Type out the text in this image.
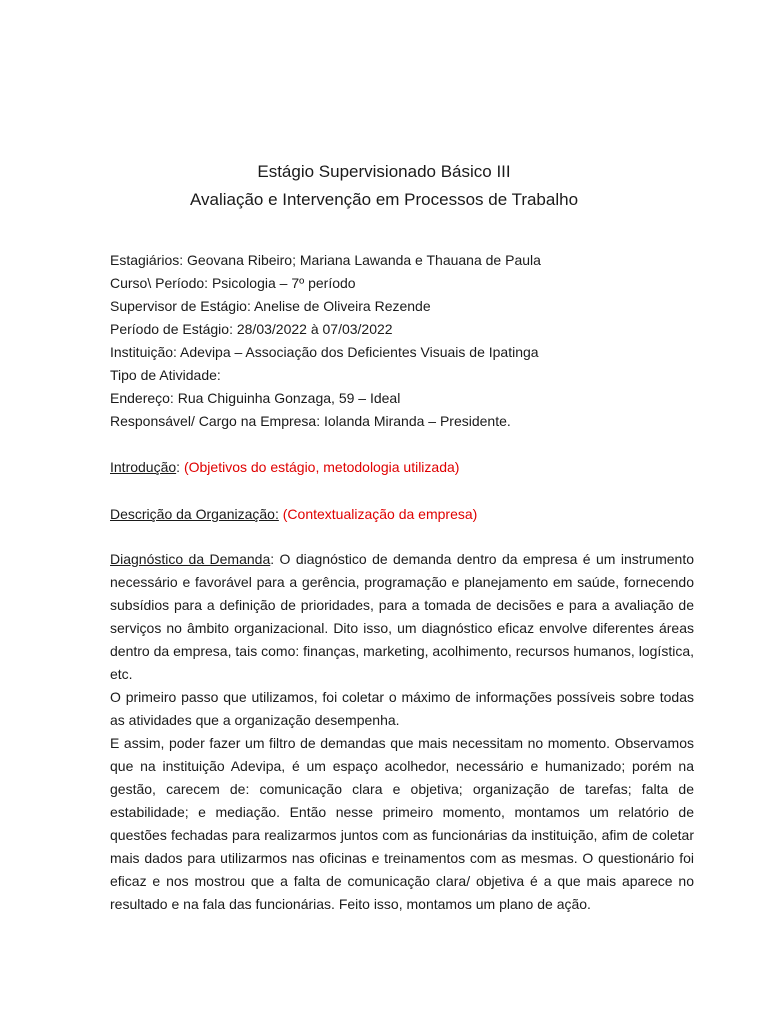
Estágio Supervisionado Básico III

Avaliação e Intervenção em Processos de Trabalho

Estagiários: Geovana Ribeiro; Mariana Lawanda e Thauana de Paula

Curso\ Período: Psicologia – 7º período

Supervisor de Estágio: Anelise de Oliveira Rezende

Período de Estágio: 28/03/2022 à 07/03/2022

Instituição: Adevipa – Associação dos Deficientes Visuais de Ipatinga

Tipo de Atividade:

Endereço: Rua Chiguinha Gonzaga, 59 – Ideal

Responsável/ Cargo na Empresa: Iolanda Miranda – Presidente.

Introdução: (Objetivos do estágio, metodologia utilizada)
Descrição da Organização: (Contextualização da empresa)

Diagnóstico da Demanda: O diagnóstico de demanda dentro da empresa é um instrumento necessário e favorável para a gerência, programação e planejamento em saúde, fornecendo subsídios para a definição de prioridades, para a tomada de decisões e para a avaliação de serviços no âmbito organizacional. Dito isso, um diagnóstico eficaz envolve diferentes áreas dentro da empresa, tais como: finanças, marketing, acolhimento, recursos humanos, logística, etc.

O primeiro passo que utilizamos, foi coletar o máximo de informações possíveis sobre todas as atividades que a organização desempenha.

E assim, poder fazer um filtro de demandas que mais necessitam no momento. Observamos que na instituição Adevipa, é um espaço acolhedor, necessário e humanizado; porém na gestão, carecem de: comunicação clara e objetiva; organização de tarefas; falta de estabilidade; e mediação. Então nesse primeiro momento, montamos um relatório de questões fechadas para realizarmos juntos com as funcionárias da instituição, afim de coletar mais dados para utilizarmos nas oficinas e treinamentos com as mesmas. O questionário foi eficaz e nos mostrou que a falta de comunicação clara/ objetiva é a que mais aparece no resultado e na fala das funcionárias. Feito isso, montamos um plano de ação.
